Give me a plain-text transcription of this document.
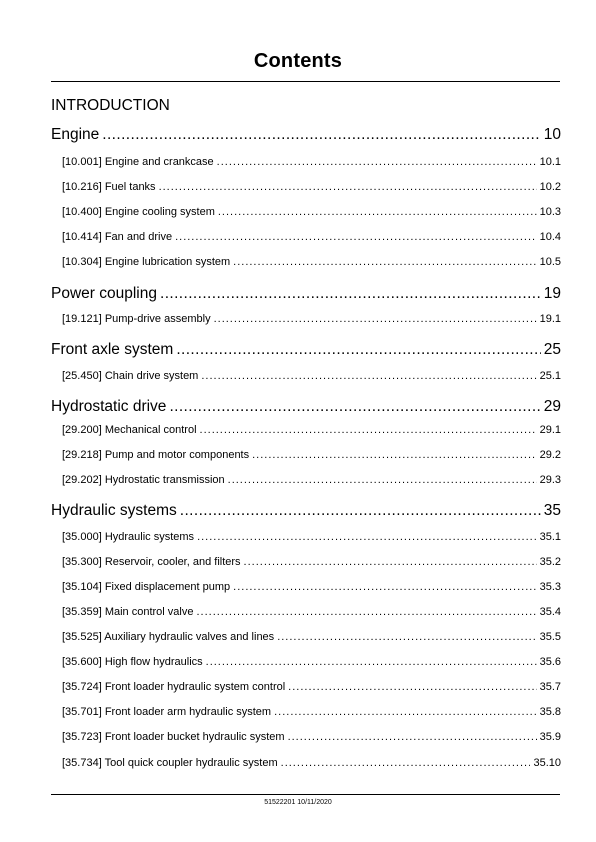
Contents
INTRODUCTION
Engine .....	10
[10.001] Engine and crankcase .....	10.1
[10.216] Fuel tanks .....	10.2
[10.400] Engine cooling system .....	10.3
[10.414] Fan and drive .....	10.4
[10.304] Engine lubrication system .....	10.5
Power coupling .....	19
[19.121] Pump-drive assembly .....	19.1
Front axle system .....	25
[25.450] Chain drive system .....	25.1
Hydrostatic drive .....	29
[29.200] Mechanical control .....	29.1
[29.218] Pump and motor components .....	29.2
[29.202] Hydrostatic transmission .....	29.3
Hydraulic systems .....	35
[35.000] Hydraulic systems .....	35.1
[35.300] Reservoir, cooler, and filters .....	35.2
[35.104] Fixed displacement pump .....	35.3
[35.359] Main control valve .....	35.4
[35.525] Auxiliary hydraulic valves and lines .....	35.5
[35.600] High flow hydraulics .....	35.6
[35.724] Front loader hydraulic system control .....	35.7
[35.701] Front loader arm hydraulic system .....	35.8
[35.723] Front loader bucket hydraulic system .....	35.9
[35.734] Tool quick coupler hydraulic system .....	35.10
51522201 10/11/2020
